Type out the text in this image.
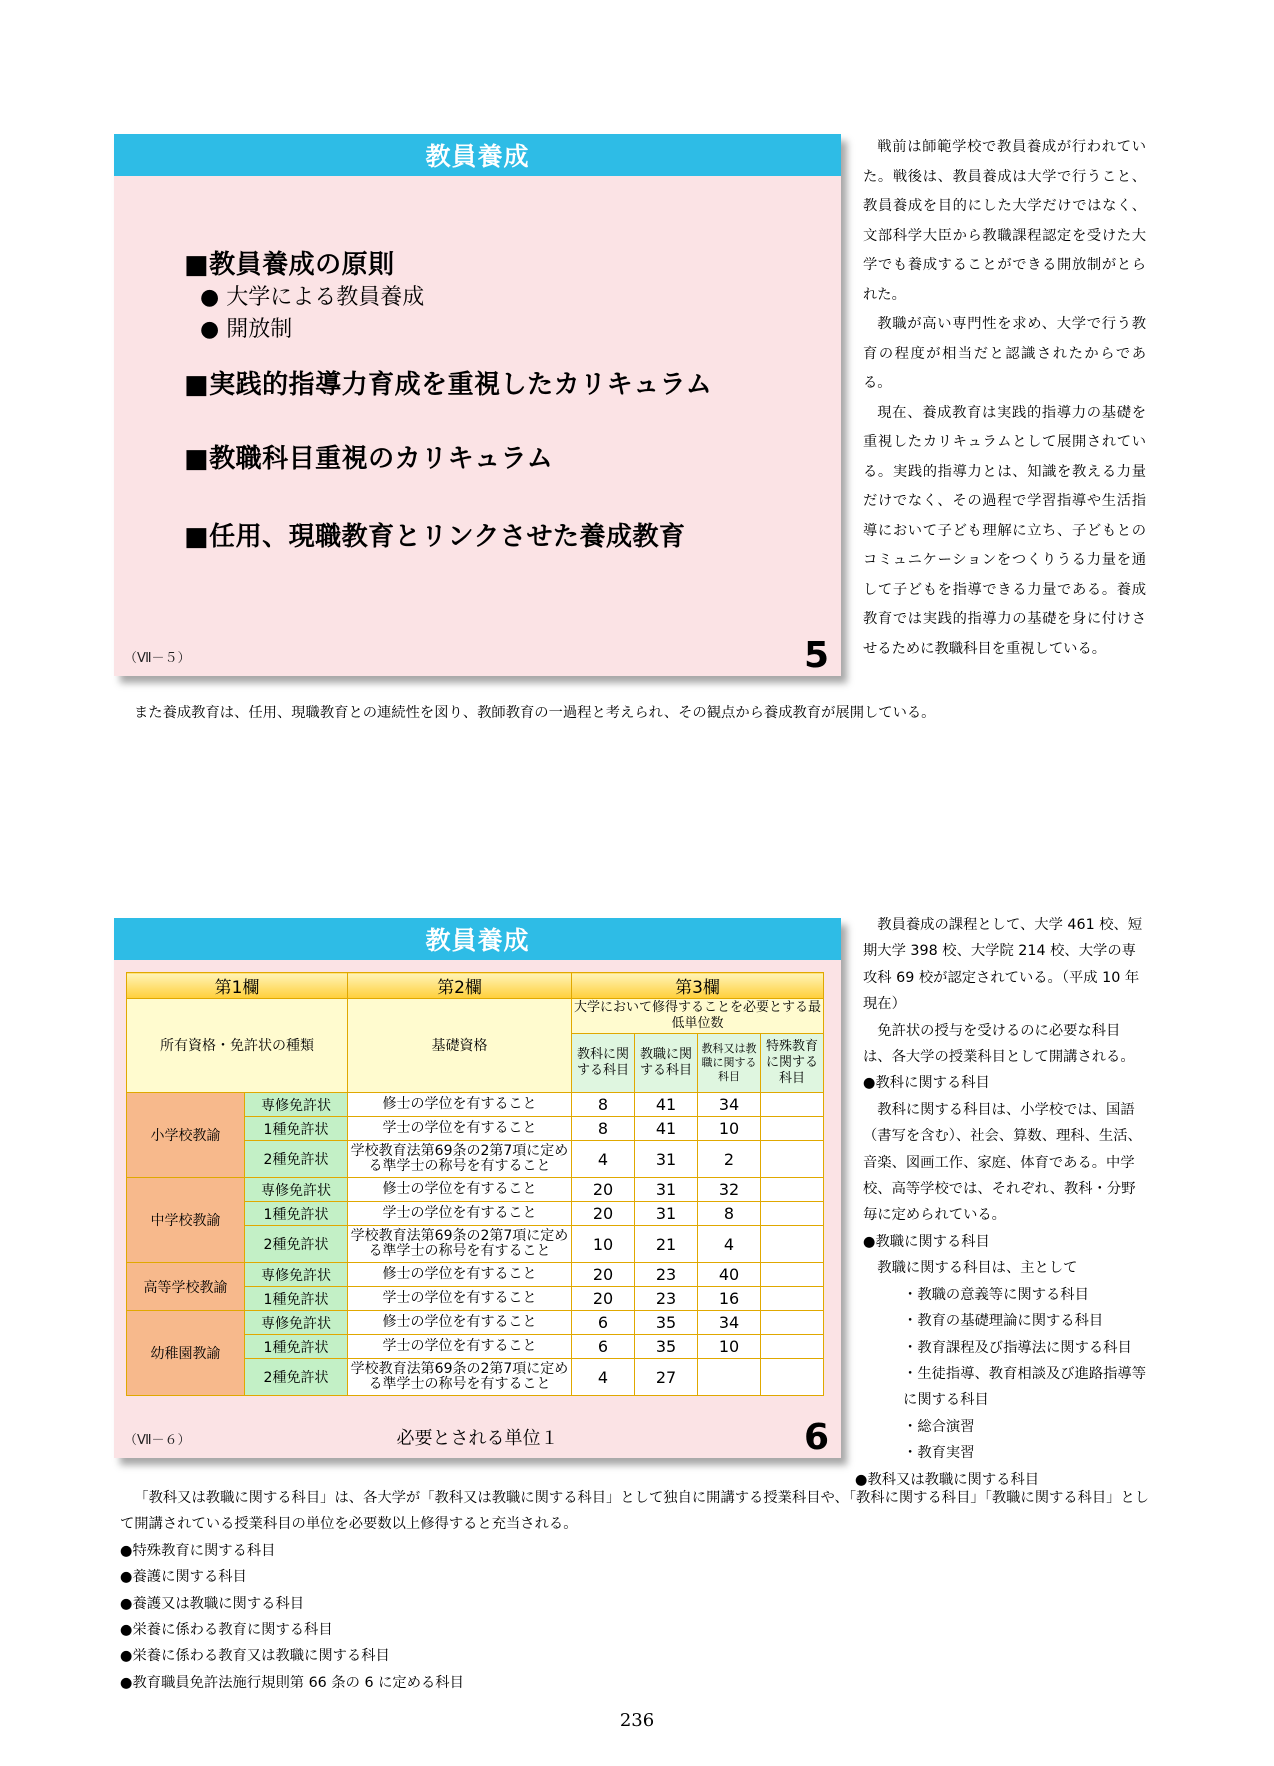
教員養成
■教員養成の原則
● 大学による教員養成
● 開放制
■実践的指導力育成を重視したカリキュラム
■教職科目重視のカリキュラム
■任用、現職教育とリンクさせた養成教育
（Ⅶ－５）	5

戦前は師範学校で教員養成が行われていた。戦後は、教員養成は大学で行うこと、教員養成を目的にした大学だけではなく、文部科学大臣から教職課程認定を受けた大学でも養成することができる開放制がとられた。

教職が高い専門性を求め、大学で行う教育の程度が相当だと認識されたからである。

現在、養成教育は実践的指導力の基礎を重視したカリキュラムとして展開されている。実践的指導力とは、知識を教える力量だけでなく、その過程で学習指導や生活指導において子ども理解に立ち、子どもとのコミュニケーションをつくりうる力量を通して子どもを指導できる力量である。養成教育では実践的指導力の基礎を身に付けさせるために教職科目を重視している。

また養成教育は、任用、現職教育との連続性を図り、教師教育の一過程と考えられ、その観点から養成教育が展開している。

教員養成
第1欄		第2欄	第3欄			
所有資格・免許状の種類		基礎資格	大学において修得することを必要とする最低単位数			
			教科に関する科目	教職に関する科目	教科又は教職に関する科目	特殊教育に関する科目
小学校教諭	専修免許状	修士の学位を有すること	8	41	34	
	1種免許状	学士の学位を有すること	8	41	10	
	2種免許状	学校教育法第69条の2第7項に定める準学士の称号を有すること	4	31	2	
中学校教諭	専修免許状	修士の学位を有すること	20	31	32	
	1種免許状	学士の学位を有すること	20	31	8	
	2種免許状	学校教育法第69条の2第7項に定める準学士の称号を有すること	10	21	4	
高等学校教諭	専修免許状	修士の学位を有すること	20	23	40	
	1種免許状	学士の学位を有すること	20	23	16	
幼稚園教諭	専修免許状	修士の学位を有すること	6	35	34	
	1種免許状	学士の学位を有すること	6	35	10	
	2種免許状	学校教育法第69条の2第7項に定める準学士の称号を有すること	4	27		
（Ⅶ－６）	必要とされる単位１	6

教員養成の課程として、大学 461 校、短期大学 398 校、大学院 214 校、大学の専攻科 69 校が認定されている。（平成 10 年現在）

免許状の授与を受けるのに必要な科目は、各大学の授業科目として開講される。

●教科に関する科目

教科に関する科目は、小学校では、国語（書写を含む）、社会、算数、理科、生活、音楽、図画工作、家庭、体育である。中学校、高等学校では、それぞれ、教科・分野毎に定められている。

●教職に関する科目

教職に関する科目は、主として

・教職の意義等に関する科目

・教育の基礎理論に関する科目

・教育課程及び指導法に関する科目

・生徒指導、教育相談及び進路指導等に関する科目

・総合演習

・教育実習

●教科又は教職に関する科目

「教科又は教職に関する科目」は、各大学が「教科又は教職に関する科目」として独自に開講する授業科目や、「教科に関する科目」「教職に関する科目」として開講されている授業科目の単位を必要数以上修得すると充当される。

●特殊教育に関する科目

●養護に関する科目

●養護又は教職に関する科目

●栄養に係わる教育に関する科目

●栄養に係わる教育又は教職に関する科目

●教育職員免許法施行規則第 66 条の 6 に定める科目

236
